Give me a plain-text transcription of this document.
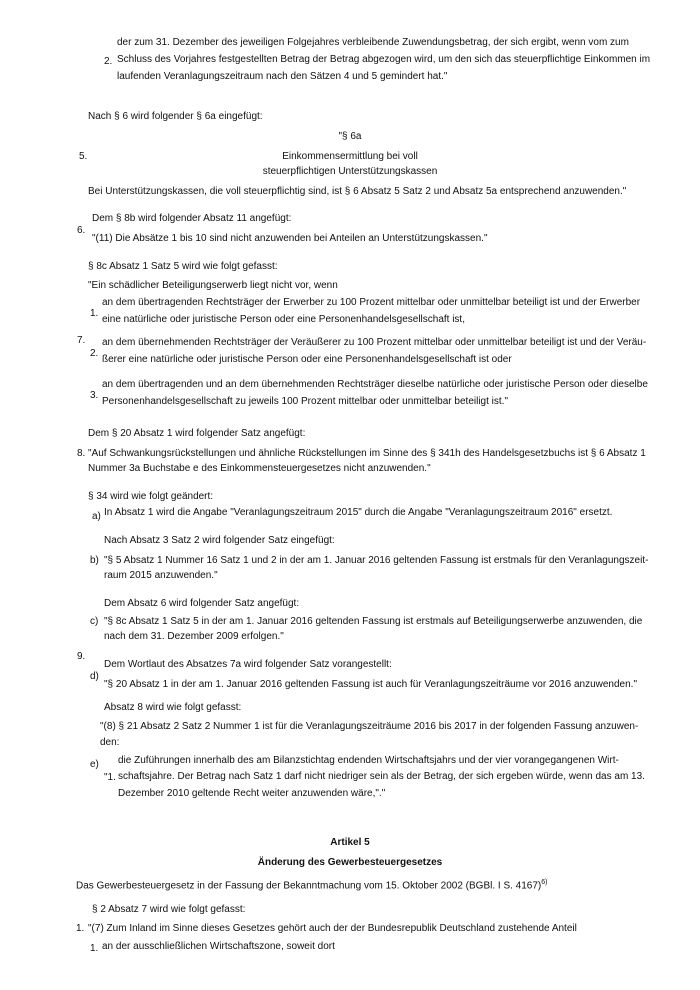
der zum 31. Dezember des jeweiligen Folgejahres verbleibende Zuwendungsbetrag, der sich ergibt, wenn vom zum
2. Schluss des Vorjahres festgestellten Betrag der Betrag abgezogen wird, um den sich das steuerpflichtige Einkommen im
laufenden Veranlagungszeitraum nach den Sätzen 4 und 5 gemindert hat."
Nach § 6 wird folgender § 6a eingefügt:
"§ 6a
5.	Einkommensermittlung bei voll
steuerpflichtigen Unterstützungskassen
Bei Unterstützungskassen, die voll steuerpflichtig sind, ist § 6 Absatz 5 Satz 2 und Absatz 5a entsprechend anzuwenden."
Dem § 8b wird folgender Absatz 11 angefügt:
6.
"(11) Die Absätze 1 bis 10 sind nicht anzuwenden bei Anteilen an Unterstützungskassen."
§ 8c Absatz 1 Satz 5 wird wie folgt gefasst:
"Ein schädlicher Beteiligungserwerb liegt nicht vor, wenn
an dem übertragenden Rechtsträger der Erwerber zu 100 Prozent mittelbar oder unmittelbar beteiligt ist und der Erwerber
1.
eine natürliche oder juristische Person oder eine Personenhandelsgesellschaft ist,
7. an dem übernehmenden Rechtsträger der Veräußerer zu 100 Prozent mittelbar oder unmittelbar beteiligt ist und der Veräu-
2.
ßerer eine natürliche oder juristische Person oder eine Personenhandelsgesellschaft ist oder
an dem übertragenden und an dem übernehmenden Rechtsträger dieselbe natürliche oder juristische Person oder dieselbe
3.
Personenhandelsgesellschaft zu jeweils 100 Prozent mittelbar oder unmittelbar beteiligt ist."
Dem § 20 Absatz 1 wird folgender Satz angefügt:
8. "Auf Schwankungsrückstellungen und ähnliche Rückstellungen im Sinne des § 341h des Handelsgesetzbuchs ist § 6 Absatz 1
Nummer 3a Buchstabe e des Einkommensteuergesetzes nicht anzuwenden."
§ 34 wird wie folgt geändert:
a) In Absatz 1 wird die Angabe "Veranlagungszeitraum 2015" durch die Angabe "Veranlagungszeitraum 2016" ersetzt.
Nach Absatz 3 Satz 2 wird folgender Satz eingefügt:
b) "§ 5 Absatz 1 Nummer 16 Satz 1 und 2 in der am 1. Januar 2016 geltenden Fassung ist erstmals für den Veranlagungszeit-
raum 2015 anzuwenden."
Dem Absatz 6 wird folgender Satz angefügt:
c) "§ 8c Absatz 1 Satz 5 in der am 1. Januar 2016 geltenden Fassung ist erstmals auf Beteiligungserwerbe anzuwenden, die
nach dem 31. Dezember 2009 erfolgen."
9.
Dem Wortlaut des Absatzes 7a wird folgender Satz vorangestellt:
d)
"§ 20 Absatz 1 in der am 1. Januar 2016 geltenden Fassung ist auch für Veranlagungszeiträume vor 2016 anzuwenden."
Absatz 8 wird wie folgt gefasst:
"(8) § 21 Absatz 2 Satz 2 Nummer 1 ist für die Veranlagungszeiträume 2016 bis 2017 in der folgenden Fassung anzuwen-
den:
die Zuführungen innerhalb des am Bilanzstichtag endenden Wirtschaftsjahrs und der vier vorangegangenen Wirt-
e)
"1. schaftsjahre. Der Betrag nach Satz 1 darf nicht niedriger sein als der Betrag, der sich ergeben würde, wenn das am 13.
Dezember 2010 geltende Recht weiter anzuwenden wäre,"."
Artikel 5
Änderung des Gewerbesteuergesetzes
Das Gewerbesteuergesetz in der Fassung der Bekanntmachung vom 15. Oktober 2002 (BGBl. I S. 4167)$^{6)}$
§ 2 Absatz 7 wird wie folgt gefasst:
1. "(7) Zum Inland im Sinne dieses Gesetzes gehört auch der der Bundesrepublik Deutschland zustehende Anteil
1. an der ausschließlichen Wirtschaftszone, soweit dort
